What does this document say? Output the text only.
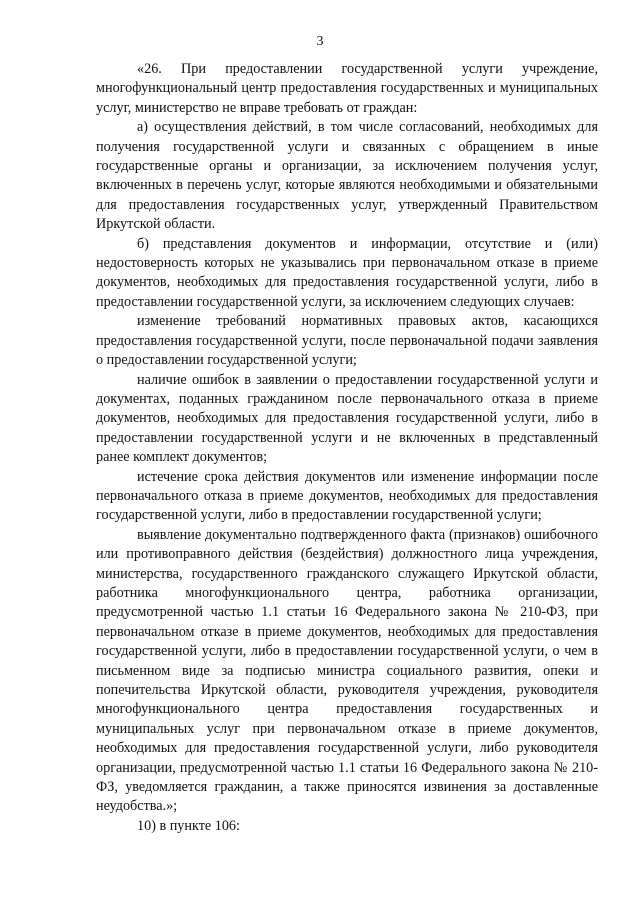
3

«26. При предоставлении государственной услуги учреждение, многофункциональный центр предоставления государственных и муниципальных услуг, министерство не вправе требовать от граждан:

а) осуществления действий, в том числе согласований, необходимых для получения государственной услуги и связанных с обращением в иные государственные органы и организации, за исключением получения услуг, включенных в перечень услуг, которые являются необходимыми и обязательными для предоставления государственных услуг, утвержденный Правительством Иркутской области.

б) представления документов и информации, отсутствие и (или) недостоверность которых не указывались при первоначальном отказе в приеме документов, необходимых для предоставления государственной услуги, либо в предоставлении государственной услуги, за исключением следующих случаев:

изменение требований нормативных правовых актов, касающихся предоставления государственной услуги, после первоначальной подачи заявления о предоставлении государственной услуги;

наличие ошибок в заявлении о предоставлении государственной услуги и документах, поданных гражданином после первоначального отказа в приеме документов, необходимых для предоставления государственной услуги, либо в предоставлении государственной услуги и не включенных в представленный ранее комплект документов;

истечение срока действия документов или изменение информации после первоначального отказа в приеме документов, необходимых для предоставления государственной услуги, либо в предоставлении государственной услуги;

выявление документально подтвержденного факта (признаков) ошибочного или противоправного действия (бездействия) должностного лица учреждения, министерства, государственного гражданского служащего Иркутской области, работника многофункционального центра, работника организации, предусмотренной частью 1.1 статьи 16 Федерального закона № 210-ФЗ, при первоначальном отказе в приеме документов, необходимых для предоставления государственной услуги, либо в предоставлении государственной услуги, о чем в письменном виде за подписью министра социального развития, опеки и попечительства Иркутской области, руководителя учреждения, руководителя многофункционального центра предоставления государственных и муниципальных услуг при первоначальном отказе в приеме документов, необходимых для предоставления государственной услуги, либо руководителя организации, предусмотренной частью 1.1 статьи 16 Федерального закона № 210-ФЗ, уведомляется гражданин, а также приносятся извинения за доставленные неудобства.»;

10) в пункте 106:
